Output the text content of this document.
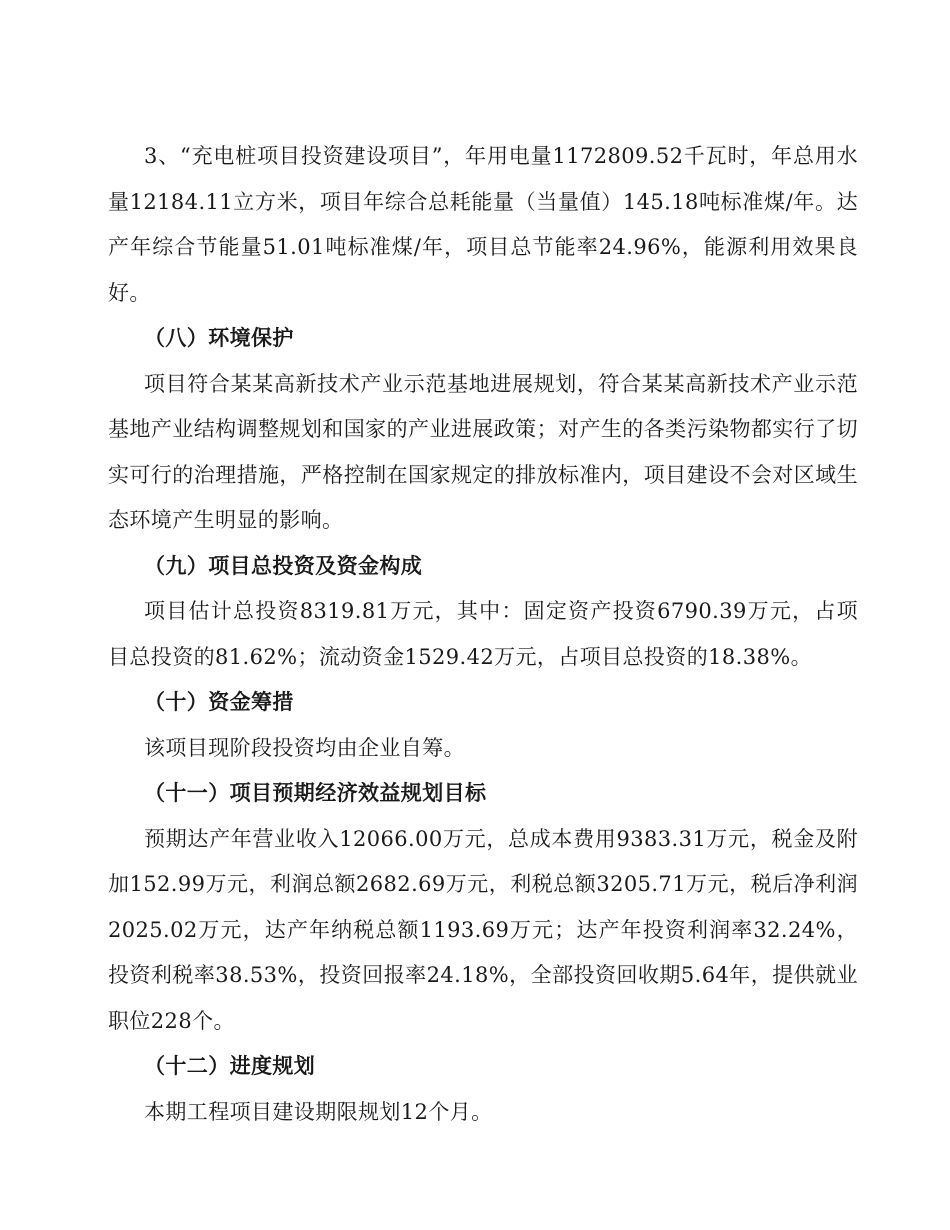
3、“充电桩项目投资建设项目”，年用电量1172809.52千瓦时，年总用水量12184.11立方米，项目年综合总耗能量（当量值）145.18吨标准煤/年。达产年综合节能量51.01吨标准煤/年，项目总节能率24.96%，能源利用效果良好。

（八）环境保护

项目符合某某高新技术产业示范基地进展规划，符合某某高新技术产业示范基地产业结构调整规划和国家的产业进展政策；对产生的各类污染物都实行了切实可行的治理措施，严格控制在国家规定的排放标准内，项目建设不会对区域生态环境产生明显的影响。

（九）项目总投资及资金构成

项目估计总投资8319.81万元，其中：固定资产投资6790.39万元，占项目总投资的81.62%；流动资金1529.42万元，占项目总投资的18.38%。

（十）资金筹措

该项目现阶段投资均由企业自筹。

（十一）项目预期经济效益规划目标

预期达产年营业收入12066.00万元，总成本费用9383.31万元，税金及附加152.99万元，利润总额2682.69万元，利税总额3205.71万元，税后净利润2025.02万元，达产年纳税总额1193.69万元；达产年投资利润率32.24%，投资利税率38.53%，投资回报率24.18%，全部投资回收期5.64年，提供就业职位228个。

（十二）进度规划

本期工程项目建设期限规划12个月。
